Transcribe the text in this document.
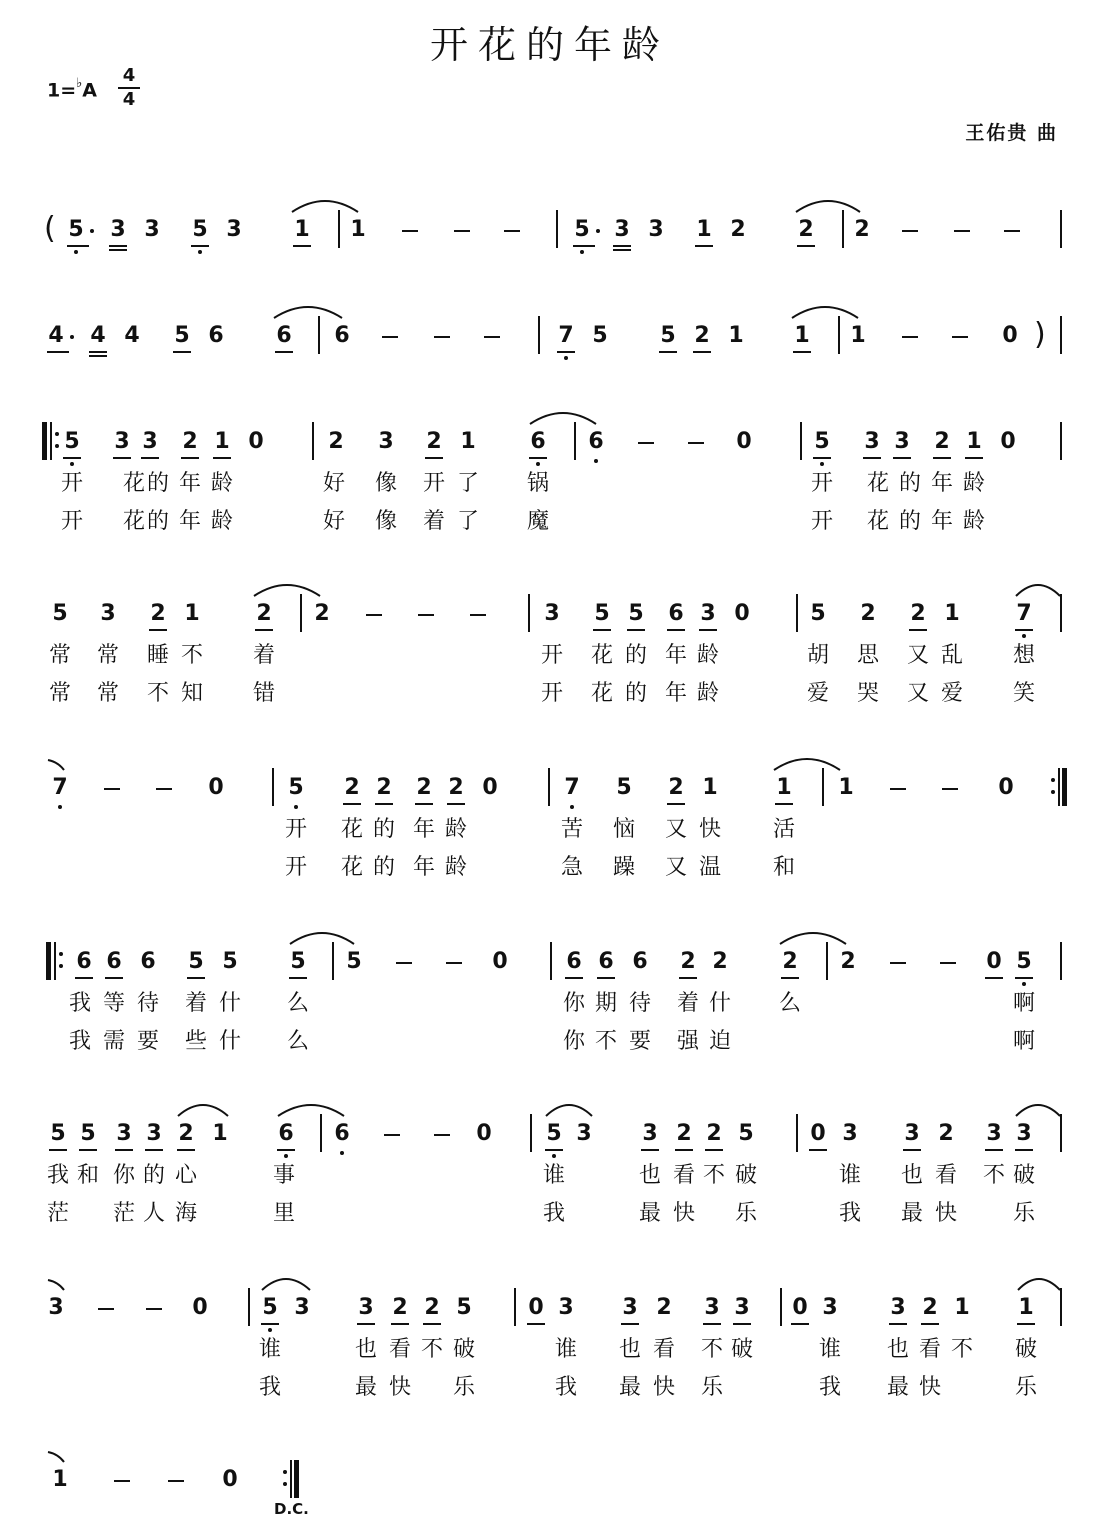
开花的年龄
1=♭A
4
4
王佑贵 曲
( 5 3 3 5 3 1 1	5 3 3 1 2 2 2
4 4 4 5 6 6 6	7 5 5 2 1 1 1	0 )
5 3 3 2 1 0	2 3 2 1 6 6	0	5 3 3 2 1 0
开 花 的 年 龄	好 像 开 了 锅	开 花 的 年 龄
开 花 的 年 龄	好 像 着 了 魔	开 花 的 年 龄
5 3 2 1	2 2	3 5 5 6 3 0	5 2 2 1	7
常 常 睡 不 着	开 花 的 年 龄	胡 思 又 乱 想
常 常 不 知 错	开 花 的 年 龄	爱 哭 又 爱 笑
7	0	5 2 2 2 2 0	7 5 2 1	1 1	0
开 花 的 年 龄	苦 恼 又 快 活
开 花 的 年 龄	急 躁 又 温 和
6 6 6 5 5 5 5	0	6 6 6 2 2 2 2	0 5
我 等 待 着 什 么	你 期 待 着 什 么	啊
我 需 要 些 什 么	你 不 要 强 迫	啊
5 5 3 3 2 1 6 6	0 5 3 3 2 2 5	0 3 3 2 3 3
我 和 你 的 心	事	谁	也 看 不 破	谁 也 看 不 破
茫 茫 人 海	里	我	最 快 乐	我 最 快	乐
3	0 5 3 3 2 2 5	0 3 3 2 3 3 0 3 3 2 1 1
谁	也 看 不 破	谁 也 看 不 破	谁 也 看 不 破
我	最 快 乐	我 最 快 乐	我 最 快	乐
1	0
D.C.
